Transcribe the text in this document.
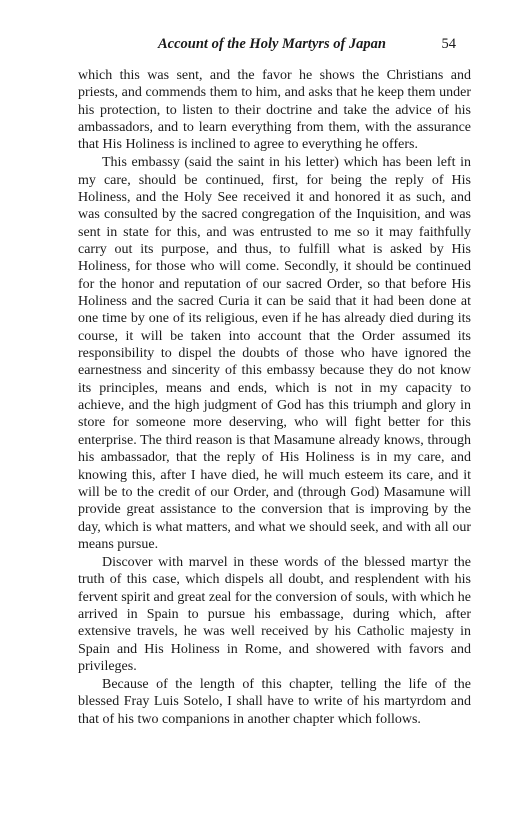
Account of the Holy Martyrs of Japan	54

which this was sent, and the favor he shows the Christians and priests, and commends them to him, and asks that he keep them under his protection, to listen to their doctrine and take the advice of his ambassadors, and to learn everything from them, with the assurance that His Holiness is inclined to agree to everything he offers.

This embassy (said the saint in his letter) which has been left in my care, should be continued, first, for being the reply of His Holiness, and the Holy See received it and honored it as such, and was consulted by the sacred congregation of the Inquisition, and was sent in state for this, and was entrusted to me so it may faithfully carry out its purpose, and thus, to fulfill what is asked by His Holiness, for those who will come. Secondly, it should be continued for the honor and reputation of our sacred Order, so that before His Holiness and the sacred Curia it can be said that it had been done at one time by one of its religious, even if he has already died during its course, it will be taken into account that the Order assumed its responsibility to dispel the doubts of those who have ignored the earnestness and sincerity of this embassy because they do not know its principles, means and ends, which is not in my capacity to achieve, and the high judgment of God has this triumph and glory in store for someone more deserving, who will fight better for this enterprise. The third reason is that Masamune already knows, through his ambassador, that the reply of His Holiness is in my care, and knowing this, after I have died, he will much esteem its care, and it will be to the credit of our Order, and (through God) Masamune will provide great assistance to the conversion that is improving by the day, which is what matters, and what we should seek, and with all our means pursue.

Discover with marvel in these words of the blessed martyr the truth of this case, which dispels all doubt, and resplendent with his fervent spirit and great zeal for the conversion of souls, with which he arrived in Spain to pursue his embassage, during which, after extensive travels, he was well received by his Catholic majesty in Spain and His Holiness in Rome, and showered with favors and privileges.

Because of the length of this chapter, telling the life of the blessed Fray Luis Sotelo, I shall have to write of his martyrdom and that of his two companions in another chapter which follows.
